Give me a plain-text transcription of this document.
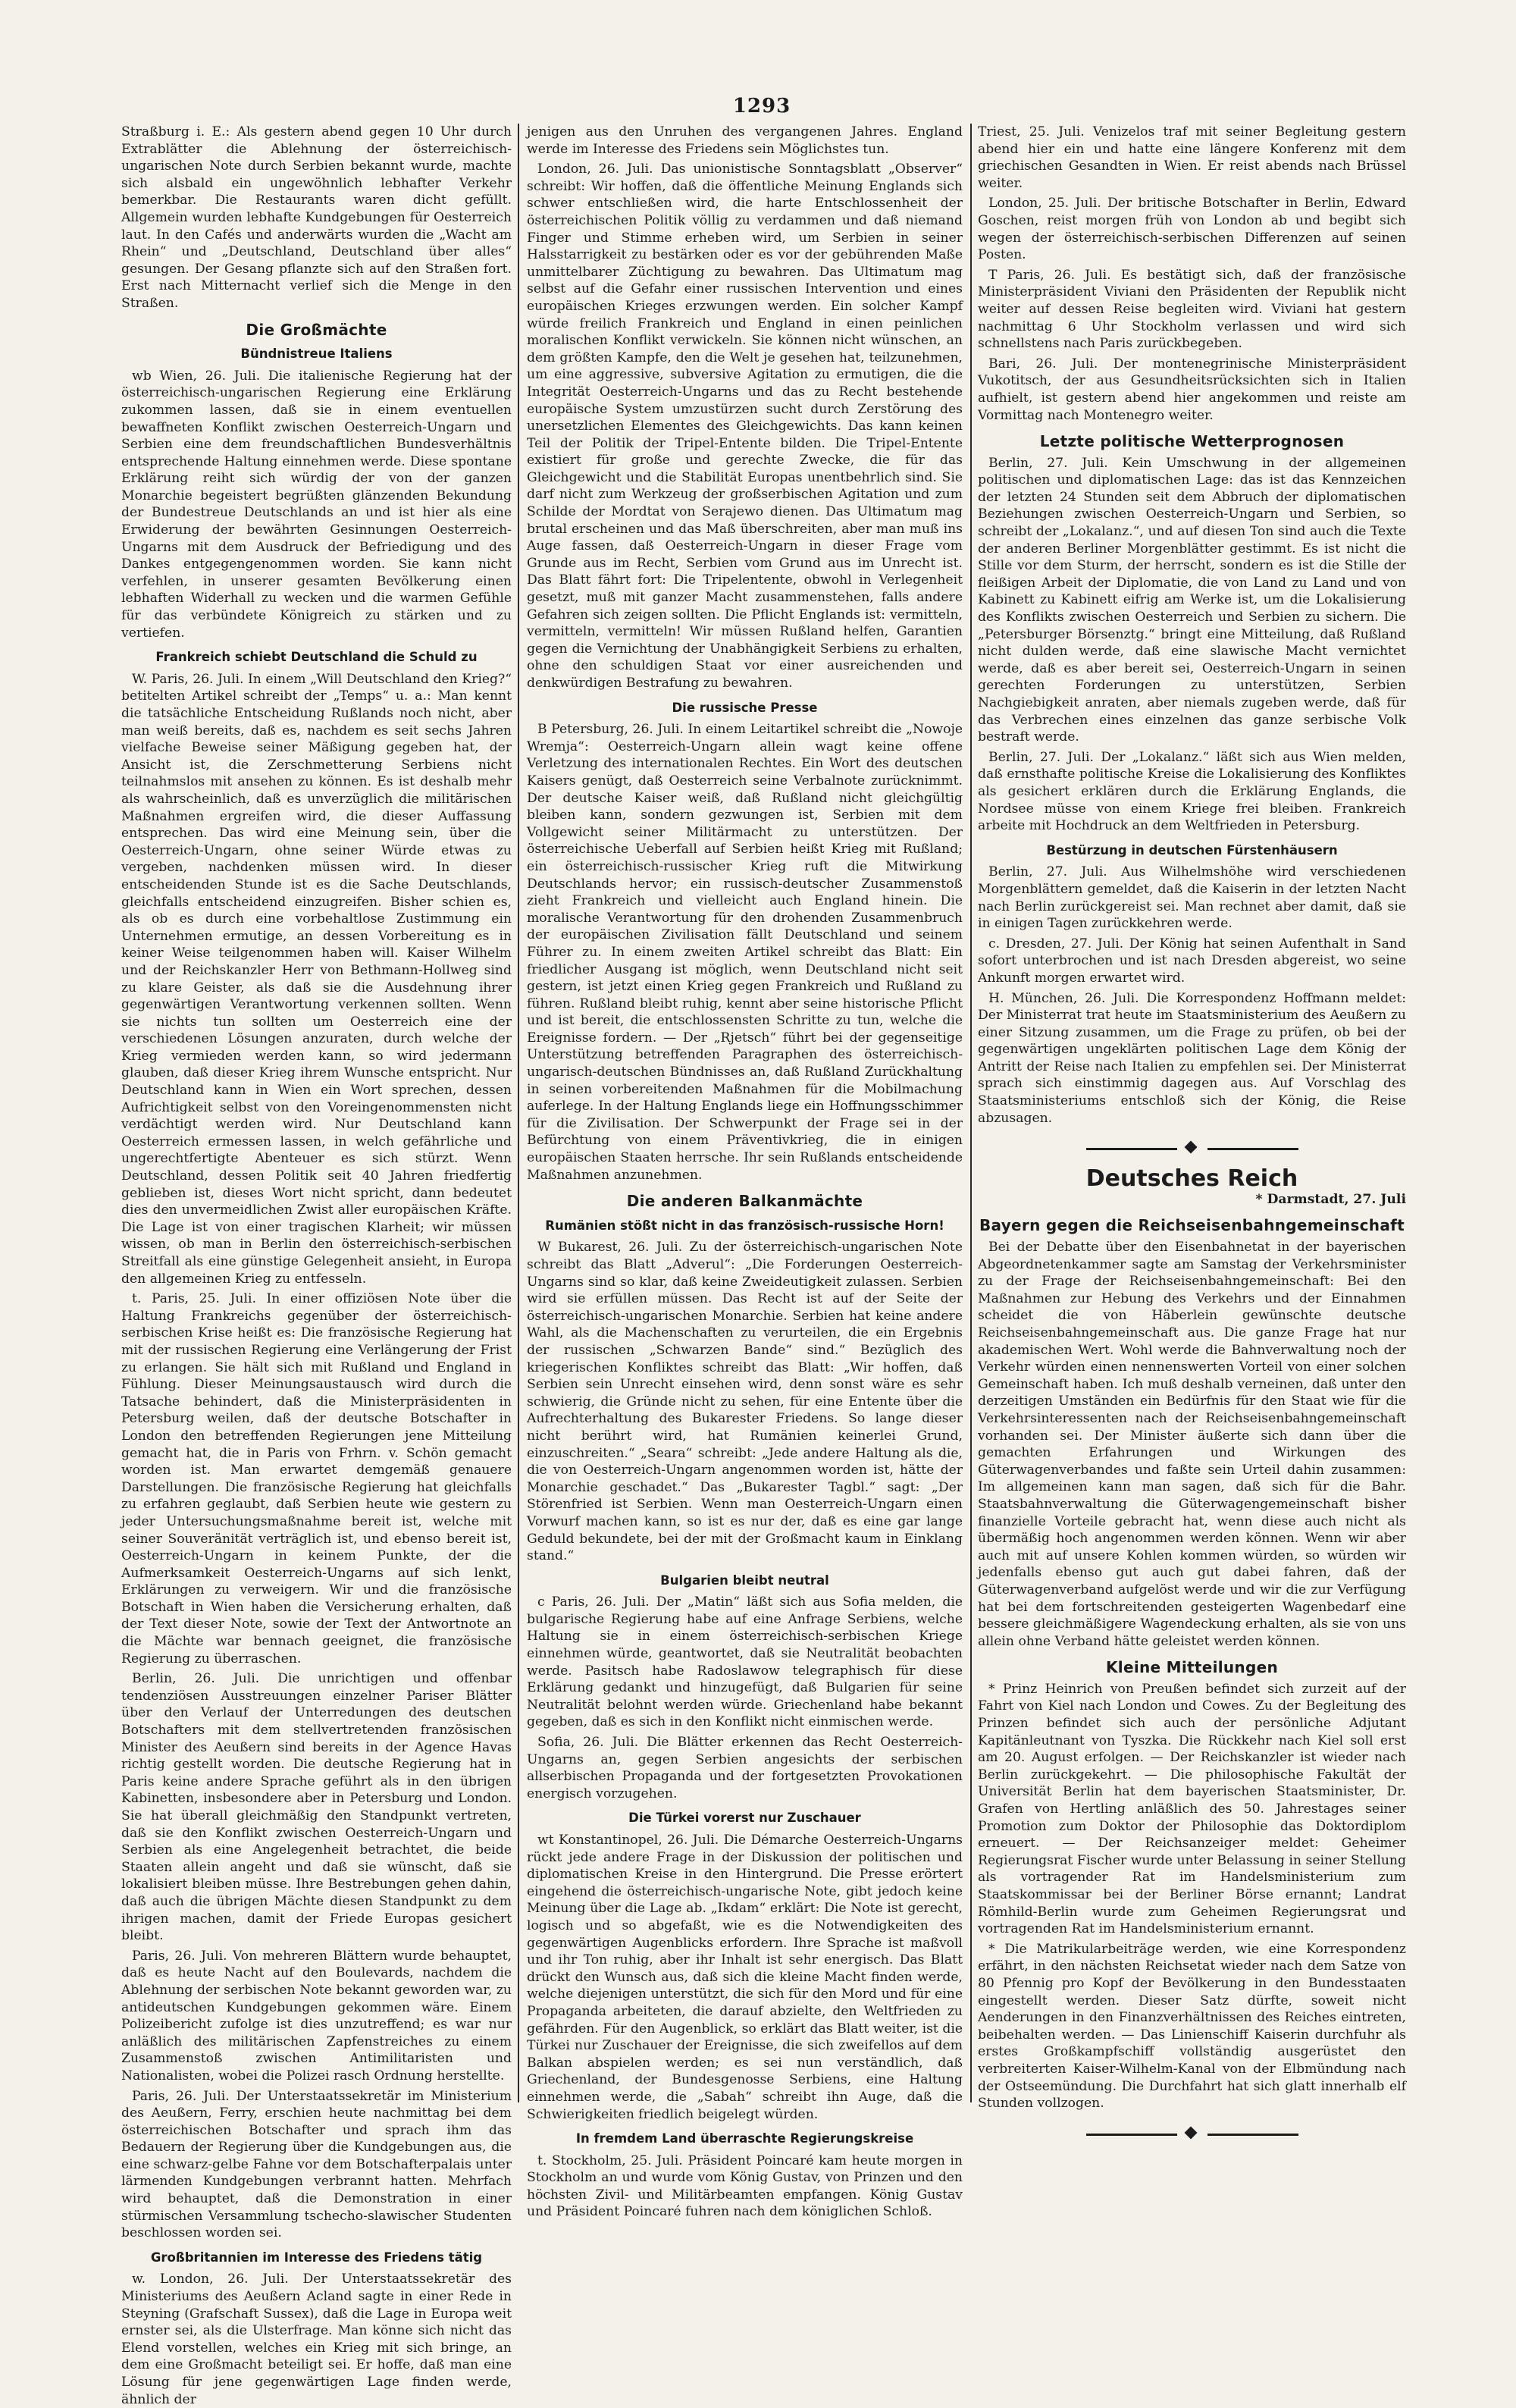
1293

Straßburg i. E.: Als gestern abend gegen 10 Uhr durch Extrablätter die Ablehnung der österreichisch-ungarischen Note durch Serbien bekannt wurde, machte sich alsbald ein ungewöhnlich lebhafter Verkehr bemerkbar. Die Restaurants waren dicht gefüllt. Allgemein wurden lebhafte Kundgebungen für Oesterreich laut. In den Cafés und anderwärts wurden die „Wacht am Rhein“ und „Deutschland, Deutschland über alles“ gesungen. Der Gesang pflanzte sich auf den Straßen fort. Erst nach Mitternacht verlief sich die Menge in den Straßen.

Die Großmächte
Bündnistreue Italiens

wb Wien, 26. Juli. Die italienische Regierung hat der österreichisch-ungarischen Regierung eine Erklärung zukommen lassen, daß sie in einem eventuellen bewaffneten Konflikt zwischen Oesterreich-Ungarn und Serbien eine dem freundschaftlichen Bundesverhältnis entsprechende Haltung einnehmen werde. Diese spontane Erklärung reiht sich würdig der von der ganzen Monarchie begeistert begrüßten glänzenden Bekundung der Bundestreue Deutschlands an und ist hier als eine Erwiderung der bewährten Gesinnungen Oesterreich-Ungarns mit dem Ausdruck der Befriedigung und des Dankes entgegengenommen worden. Sie kann nicht verfehlen, in unserer gesamten Bevölkerung einen lebhaften Widerhall zu wecken und die warmen Gefühle für das verbündete Königreich zu stärken und zu vertiefen.

Frankreich schiebt Deutschland die Schuld zu

W. Paris, 26. Juli. In einem „Will Deutschland den Krieg?“ betitelten Artikel schreibt der „Temps“ u. a.: Man kennt die tatsächliche Entscheidung Rußlands noch nicht, aber man weiß bereits, daß es, nachdem es seit sechs Jahren vielfache Beweise seiner Mäßigung gegeben hat, der Ansicht ist, die Zerschmetterung Serbiens nicht teilnahmslos mit ansehen zu können. Es ist deshalb mehr als wahrscheinlich, daß es unverzüglich die militärischen Maßnahmen ergreifen wird, die dieser Auffassung entsprechen. Das wird eine Meinung sein, über die Oesterreich-Ungarn, ohne seiner Würde etwas zu vergeben, nachdenken müssen wird. In dieser entscheidenden Stunde ist es die Sache Deutschlands, gleichfalls entscheidend einzugreifen. Bisher schien es, als ob es durch eine vorbehaltlose Zustimmung ein Unternehmen ermutige, an dessen Vorbereitung es in keiner Weise teilgenommen haben will. Kaiser Wilhelm und der Reichskanzler Herr von Bethmann-Hollweg sind zu klare Geister, als daß sie die Ausdehnung ihrer gegenwärtigen Verantwortung verkennen sollten. Wenn sie nichts tun sollten um Oesterreich eine der verschiedenen Lösungen anzuraten, durch welche der Krieg vermieden werden kann, so wird jedermann glauben, daß dieser Krieg ihrem Wunsche entspricht. Nur Deutschland kann in Wien ein Wort sprechen, dessen Aufrichtigkeit selbst von den Voreingenommensten nicht verdächtigt werden wird. Nur Deutschland kann Oesterreich ermessen lassen, in welch gefährliche und ungerechtfertigte Abenteuer es sich stürzt. Wenn Deutschland, dessen Politik seit 40 Jahren friedfertig geblieben ist, dieses Wort nicht spricht, dann bedeutet dies den unvermeidlichen Zwist aller europäischen Kräfte. Die Lage ist von einer tragischen Klarheit; wir müssen wissen, ob man in Berlin den österreichisch-serbischen Streitfall als eine günstige Gelegenheit ansieht, in Europa den allgemeinen Krieg zu entfesseln.

t. Paris, 25. Juli. In einer offiziösen Note über die Haltung Frankreichs gegenüber der österreichisch-serbischen Krise heißt es: Die französische Regierung hat mit der russischen Regierung eine Verlängerung der Frist zu erlangen. Sie hält sich mit Rußland und England in Fühlung. Dieser Meinungsaustausch wird durch die Tatsache behindert, daß die Ministerpräsidenten in Petersburg weilen, daß der deutsche Botschafter in London den betreffenden Regierungen jene Mitteilung gemacht hat, die in Paris von Frhrn. v. Schön gemacht worden ist. Man erwartet demgemäß genauere Darstellungen. Die französische Regierung hat gleichfalls zu erfahren geglaubt, daß Serbien heute wie gestern zu jeder Untersuchungsmaßnahme bereit ist, welche mit seiner Souveränität verträglich ist, und ebenso bereit ist, Oesterreich-Ungarn in keinem Punkte, der die Aufmerksamkeit Oesterreich-Ungarns auf sich lenkt, Erklärungen zu verweigern. Wir und die französische Botschaft in Wien haben die Versicherung erhalten, daß der Text dieser Note, sowie der Text der Antwortnote an die Mächte war bennach geeignet, die französische Regierung zu überraschen.

Berlin, 26. Juli. Die unrichtigen und offenbar tendenziösen Ausstreuungen einzelner Pariser Blätter über den Verlauf der Unterredungen des deutschen Botschafters mit dem stellvertretenden französischen Minister des Aeußern sind bereits in der Agence Havas richtig gestellt worden. Die deutsche Regierung hat in Paris keine andere Sprache geführt als in den übrigen Kabinetten, insbesondere aber in Petersburg und London. Sie hat überall gleichmäßig den Standpunkt vertreten, daß sie den Konflikt zwischen Oesterreich-Ungarn und Serbien als eine Angelegenheit betrachtet, die beide Staaten allein angeht und daß sie wünscht, daß sie lokalisiert bleiben müsse. Ihre Bestrebungen gehen dahin, daß auch die übrigen Mächte diesen Standpunkt zu dem ihrigen machen, damit der Friede Europas gesichert bleibt.

Paris, 26. Juli. Von mehreren Blättern wurde behauptet, daß es heute Nacht auf den Boulevards, nachdem die Ablehnung der serbischen Note bekannt geworden war, zu antideutschen Kundgebungen gekommen wäre. Einem Polizeibericht zufolge ist dies unzutreffend; es war nur anläßlich des militärischen Zapfenstreiches zu einem Zusammenstoß zwischen Antimilitaristen und Nationalisten, wobei die Polizei rasch Ordnung herstellte.

Paris, 26. Juli. Der Unterstaatssekretär im Ministerium des Aeußern, Ferry, erschien heute nachmittag bei dem österreichischen Botschafter und sprach ihm das Bedauern der Regierung über die Kundgebungen aus, die eine schwarz-gelbe Fahne vor dem Botschafterpalais unter lärmenden Kundgebungen verbrannt hatten. Mehrfach wird behauptet, daß die Demonstration in einer stürmischen Versammlung tschecho-slawischer Studenten beschlossen worden sei.

Großbritannien im Interesse des Friedens tätig

w. London, 26. Juli. Der Unterstaatssekretär des Ministeriums des Aeußern Acland sagte in einer Rede in Steyning (Grafschaft Sussex), daß die Lage in Europa weit ernster sei, als die Ulsterfrage. Man könne sich nicht das Elend vorstellen, welches ein Krieg mit sich bringe, an dem eine Großmacht beteiligt sei. Er hoffe, daß man eine Lösung für jene gegenwärtigen Lage finden werde, ähnlich der

jenigen aus den Unruhen des vergangenen Jahres. England werde im Interesse des Friedens sein Möglichstes tun.

London, 26. Juli. Das unionistische Sonntagsblatt „Observer“ schreibt: Wir hoffen, daß die öffentliche Meinung Englands sich schwer entschließen wird, die harte Entschlossenheit der österreichischen Politik völlig zu verdammen und daß niemand Finger und Stimme erheben wird, um Serbien in seiner Halsstarrigkeit zu bestärken oder es vor der gebührenden Maße unmittelbarer Züchtigung zu bewahren. Das Ultimatum mag selbst auf die Gefahr einer russischen Intervention und eines europäischen Krieges erzwungen werden. Ein solcher Kampf würde freilich Frankreich und England in einen peinlichen moralischen Konflikt verwickeln. Sie können nicht wünschen, an dem größten Kampfe, den die Welt je gesehen hat, teilzunehmen, um eine aggressive, subversive Agitation zu ermutigen, die die Integrität Oesterreich-Ungarns und das zu Recht bestehende europäische System umzustürzen sucht durch Zerstörung des unersetzlichen Elementes des Gleichgewichts. Das kann keinen Teil der Politik der Tripel-Entente bilden. Die Tripel-Entente existiert für große und gerechte Zwecke, die für das Gleichgewicht und die Stabilität Europas unentbehrlich sind. Sie darf nicht zum Werkzeug der großserbischen Agitation und zum Schilde der Mordtat von Serajewo dienen. Das Ultimatum mag brutal erscheinen und das Maß überschreiten, aber man muß ins Auge fassen, daß Oesterreich-Ungarn in dieser Frage vom Grunde aus im Recht, Serbien vom Grund aus im Unrecht ist. Das Blatt fährt fort: Die Tripelentente, obwohl in Verlegenheit gesetzt, muß mit ganzer Macht zusammenstehen, falls andere Gefahren sich zeigen sollten. Die Pflicht Englands ist: vermitteln, vermitteln, vermitteln! Wir müssen Rußland helfen, Garantien gegen die Vernichtung der Unabhängigkeit Serbiens zu erhalten, ohne den schuldigen Staat vor einer ausreichenden und denkwürdigen Bestrafung zu bewahren.

Die russische Presse

B Petersburg, 26. Juli. In einem Leitartikel schreibt die „Nowoje Wremja“: Oesterreich-Ungarn allein wagt keine offene Verletzung des internationalen Rechtes. Ein Wort des deutschen Kaisers genügt, daß Oesterreich seine Verbalnote zurücknimmt. Der deutsche Kaiser weiß, daß Rußland nicht gleichgültig bleiben kann, sondern gezwungen ist, Serbien mit dem Vollgewicht seiner Militärmacht zu unterstützen. Der österreichische Ueberfall auf Serbien heißt Krieg mit Rußland; ein österreichisch-russischer Krieg ruft die Mitwirkung Deutschlands hervor; ein russisch-deutscher Zusammenstoß zieht Frankreich und vielleicht auch England hinein. Die moralische Verantwortung für den drohenden Zusammenbruch der europäischen Zivilisation fällt Deutschland und seinem Führer zu. In einem zweiten Artikel schreibt das Blatt: Ein friedlicher Ausgang ist möglich, wenn Deutschland nicht seit gestern, ist jetzt einen Krieg gegen Frankreich und Rußland zu führen. Rußland bleibt ruhig, kennt aber seine historische Pflicht und ist bereit, die entschlossensten Schritte zu tun, welche die Ereignisse fordern. — Der „Rjetsch“ führt bei der gegenseitige Unterstützung betreffenden Paragraphen des österreichisch-ungarisch-deutschen Bündnisses an, daß Rußland Zurückhaltung in seinen vorbereitenden Maßnahmen für die Mobilmachung auferlege. In der Haltung Englands liege ein Hoffnungsschimmer für die Zivilisation. Der Schwerpunkt der Frage sei in der Befürchtung von einem Präventivkrieg, die in einigen europäischen Staaten herrsche. Ihr sein Rußlands entscheidende Maßnahmen anzunehmen.

Die anderen Balkanmächte
Rumänien stößt nicht in das französisch-russische Horn!

W Bukarest, 26. Juli. Zu der österreichisch-ungarischen Note schreibt das Blatt „Adverul“: „Die Forderungen Oesterreich-Ungarns sind so klar, daß keine Zweideutigkeit zulassen. Serbien wird sie erfüllen müssen. Das Recht ist auf der Seite der österreichisch-ungarischen Monarchie. Serbien hat keine andere Wahl, als die Machenschaften zu verurteilen, die ein Ergebnis der russischen „Schwarzen Bande“ sind.“ Bezüglich des kriegerischen Konfliktes schreibt das Blatt: „Wir hoffen, daß Serbien sein Unrecht einsehen wird, denn sonst wäre es sehr schwierig, die Gründe nicht zu sehen, für eine Entente über die Aufrechterhaltung des Bukarester Friedens. So lange dieser nicht berührt wird, hat Rumänien keinerlei Grund, einzuschreiten.“ „Seara“ schreibt: „Jede andere Haltung als die, die von Oesterreich-Ungarn angenommen worden ist, hätte der Monarchie geschadet.“ Das „Bukarester Tagbl.“ sagt: „Der Störenfried ist Serbien. Wenn man Oesterreich-Ungarn einen Vorwurf machen kann, so ist es nur der, daß es eine gar lange Geduld bekundete, bei der mit der Großmacht kaum in Einklang stand.“

Bulgarien bleibt neutral

c Paris, 26. Juli. Der „Matin“ läßt sich aus Sofia melden, die bulgarische Regierung habe auf eine Anfrage Serbiens, welche Haltung sie in einem österreichisch-serbischen Kriege einnehmen würde, geantwortet, daß sie Neutralität beobachten werde. Pasitsch habe Radoslawow telegraphisch für diese Erklärung gedankt und hinzugefügt, daß Bulgarien für seine Neutralität belohnt werden würde. Griechenland habe bekannt gegeben, daß es sich in den Konflikt nicht einmischen werde.

Sofia, 26. Juli. Die Blätter erkennen das Recht Oesterreich-Ungarns an, gegen Serbien angesichts der serbischen allserbischen Propaganda und der fortgesetzten Provokationen energisch vorzugehen.

Die Türkei vorerst nur Zuschauer

wt Konstantinopel, 26. Juli. Die Démarche Oesterreich-Ungarns rückt jede andere Frage in der Diskussion der politischen und diplomatischen Kreise in den Hintergrund. Die Presse erörtert eingehend die österreichisch-ungarische Note, gibt jedoch keine Meinung über die Lage ab. „Ikdam“ erklärt: Die Note ist gerecht, logisch und so abgefaßt, wie es die Notwendigkeiten des gegenwärtigen Augenblicks erfordern. Ihre Sprache ist maßvoll und ihr Ton ruhig, aber ihr Inhalt ist sehr energisch. Das Blatt drückt den Wunsch aus, daß sich die kleine Macht finden werde, welche diejenigen unterstützt, die sich für den Mord und für eine Propaganda arbeiteten, die darauf abzielte, den Weltfrieden zu gefährden. Für den Augenblick, so erklärt das Blatt weiter, ist die Türkei nur Zuschauer der Ereignisse, die sich zweifellos auf dem Balkan abspielen werden; es sei nun verständlich, daß Griechenland, der Bundesgenosse Serbiens, eine Haltung einnehmen werde, die „Sabah“ schreibt ihn Auge, daß die Schwierigkeiten friedlich beigelegt würden.

In fremdem Land überraschte Regierungskreise

t. Stockholm, 25. Juli. Präsident Poincaré kam heute morgen in Stockholm an und wurde vom König Gustav, von Prinzen und den höchsten Zivil- und Militärbeamten empfangen. König Gustav und Präsident Poincaré fuhren nach dem königlichen Schloß.

Triest, 25. Juli. Venizelos traf mit seiner Begleitung gestern abend hier ein und hatte eine längere Konferenz mit dem griechischen Gesandten in Wien. Er reist abends nach Brüssel weiter.

London, 25. Juli. Der britische Botschafter in Berlin, Edward Goschen, reist morgen früh von London ab und begibt sich wegen der österreichisch-serbischen Differenzen auf seinen Posten.

T Paris, 26. Juli. Es bestätigt sich, daß der französische Ministerpräsident Viviani den Präsidenten der Republik nicht weiter auf dessen Reise begleiten wird. Viviani hat gestern nachmittag 6 Uhr Stockholm verlassen und wird sich schnellstens nach Paris zurückbegeben.

Bari, 26. Juli. Der montenegrinische Ministerpräsident Vukotitsch, der aus Gesundheitsrücksichten sich in Italien aufhielt, ist gestern abend hier angekommen und reiste am Vormittag nach Montenegro weiter.

Letzte politische Wetterprognosen

Berlin, 27. Juli. Kein Umschwung in der allgemeinen politischen und diplomatischen Lage: das ist das Kennzeichen der letzten 24 Stunden seit dem Abbruch der diplomatischen Beziehungen zwischen Oesterreich-Ungarn und Serbien, so schreibt der „Lokalanz.“, und auf diesen Ton sind auch die Texte der anderen Berliner Morgenblätter gestimmt. Es ist nicht die Stille vor dem Sturm, der herrscht, sondern es ist die Stille der fleißigen Arbeit der Diplomatie, die von Land zu Land und von Kabinett zu Kabinett eifrig am Werke ist, um die Lokalisierung des Konflikts zwischen Oesterreich und Serbien zu sichern. Die „Petersburger Börsenztg.“ bringt eine Mitteilung, daß Rußland nicht dulden werde, daß eine slawische Macht vernichtet werde, daß es aber bereit sei, Oesterreich-Ungarn in seinen gerechten Forderungen zu unterstützen, Serbien Nachgiebigkeit anraten, aber niemals zugeben werde, daß für das Verbrechen eines einzelnen das ganze serbische Volk bestraft werde.

Berlin, 27. Juli. Der „Lokalanz.“ läßt sich aus Wien melden, daß ernsthafte politische Kreise die Lokalisierung des Konfliktes als gesichert erklären durch die Erklärung Englands, die Nordsee müsse von einem Kriege frei bleiben. Frankreich arbeite mit Hochdruck an dem Weltfrieden in Petersburg.

Bestürzung in deutschen Fürstenhäusern

Berlin, 27. Juli. Aus Wilhelmshöhe wird verschiedenen Morgenblättern gemeldet, daß die Kaiserin in der letzten Nacht nach Berlin zurückgereist sei. Man rechnet aber damit, daß sie in einigen Tagen zurückkehren werde.

c. Dresden, 27. Juli. Der König hat seinen Aufenthalt in Sand sofort unterbrochen und ist nach Dresden abgereist, wo seine Ankunft morgen erwartet wird.

H. München, 26. Juli. Die Korrespondenz Hoffmann meldet: Der Ministerrat trat heute im Staatsministerium des Aeußern zu einer Sitzung zusammen, um die Frage zu prüfen, ob bei der gegenwärtigen ungeklärten politischen Lage dem König der Antritt der Reise nach Italien zu empfehlen sei. Der Ministerrat sprach sich einstimmig dagegen aus. Auf Vorschlag des Staatsministeriums entschloß sich der König, die Reise abzusagen.

Deutsches Reich
* Darmstadt, 27. Juli
Bayern gegen die Reichseisenbahngemeinschaft

Bei der Debatte über den Eisenbahnetat in der bayerischen Abgeordnetenkammer sagte am Samstag der Verkehrsminister zu der Frage der Reichseisenbahngemeinschaft: Bei den Maßnahmen zur Hebung des Verkehrs und der Einnahmen scheidet die von Häberlein gewünschte deutsche Reichseisenbahngemeinschaft aus. Die ganze Frage hat nur akademischen Wert. Wohl werde die Bahnverwaltung noch der Verkehr würden einen nennenswerten Vorteil von einer solchen Gemeinschaft haben. Ich muß deshalb verneinen, daß unter den derzeitigen Umständen ein Bedürfnis für den Staat wie für die Verkehrsinteressenten nach der Reichseisenbahngemeinschaft vorhanden sei. Der Minister äußerte sich dann über die gemachten Erfahrungen und Wirkungen des Güterwagenverbandes und faßte sein Urteil dahin zusammen: Im allgemeinen kann man sagen, daß sich für die Bahr. Staatsbahnverwaltung die Güterwagengemeinschaft bisher finanzielle Vorteile gebracht hat, wenn diese auch nicht als übermäßig hoch angenommen werden können. Wenn wir aber auch mit auf unsere Kohlen kommen würden, so würden wir jedenfalls ebenso gut auch gut dabei fahren, daß der Güterwagenverband aufgelöst werde und wir die zur Verfügung hat bei dem fortschreitenden gesteigerten Wagenbedarf eine bessere gleichmäßigere Wagendeckung erhalten, als sie von uns allein ohne Verband hätte geleistet werden können.

Kleine Mitteilungen

* Prinz Heinrich von Preußen befindet sich zurzeit auf der Fahrt von Kiel nach London und Cowes. Zu der Begleitung des Prinzen befindet sich auch der persönliche Adjutant Kapitänleutnant von Tyszka. Die Rückkehr nach Kiel soll erst am 20. August erfolgen. — Der Reichskanzler ist wieder nach Berlin zurückgekehrt. — Die philosophische Fakultät der Universität Berlin hat dem bayerischen Staatsminister, Dr. Grafen von Hertling anläßlich des 50. Jahrestages seiner Promotion zum Doktor der Philosophie das Doktordiplom erneuert. — Der Reichsanzeiger meldet: Geheimer Regierungsrat Fischer wurde unter Belassung in seiner Stellung als vortragender Rat im Handelsministerium zum Staatskommissar bei der Berliner Börse ernannt; Landrat Römhild-Berlin wurde zum Geheimen Regierungsrat und vortragenden Rat im Handelsministerium ernannt.

* Die Matrikularbeiträge werden, wie eine Korrespondenz erfährt, in den nächsten Reichsetat wieder nach dem Satze von 80 Pfennig pro Kopf der Bevölkerung in den Bundesstaaten eingestellt werden. Dieser Satz dürfte, soweit nicht Aenderungen in den Finanzverhältnissen des Reiches eintreten, beibehalten werden. — Das Linienschiff Kaiserin durchfuhr als erstes Großkampfschiff vollständig ausgerüstet den verbreiterten Kaiser-Wilhelm-Kanal von der Elbmündung nach der Ostseemündung. Die Durchfahrt hat sich glatt innerhalb elf Stunden vollzogen.
